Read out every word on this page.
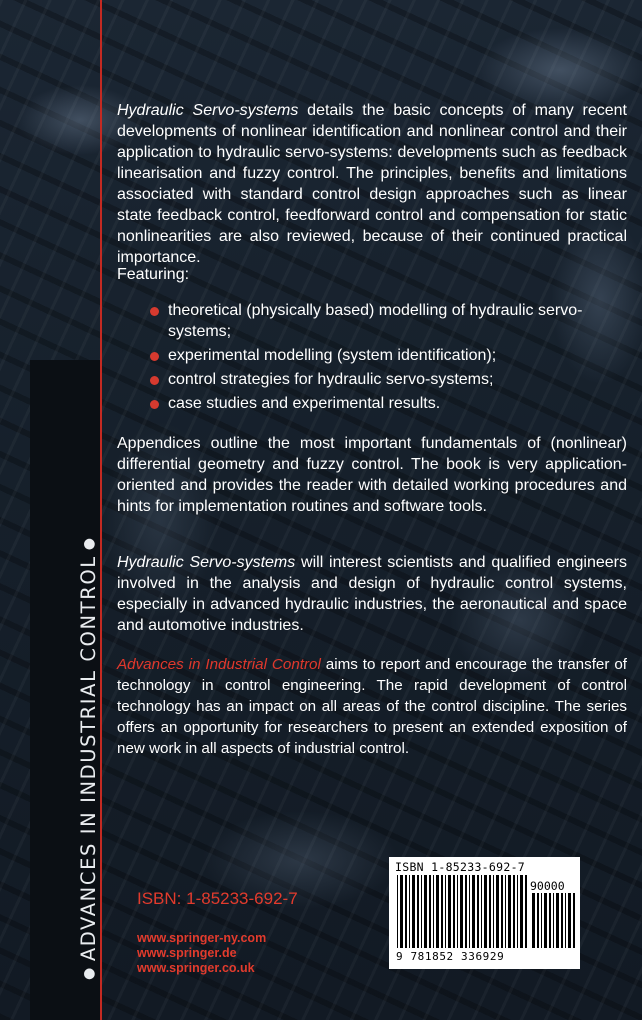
●ADVANCES IN INDUSTRIAL CONTROL●

Hydraulic Servo-systems details the basic concepts of many recent developments of nonlinear identification and nonlinear control and their application to hydraulic servo-systems: developments such as feedback linearisation and fuzzy control. The principles, benefits and limitations associated with standard control design approaches such as linear state feedback control, feedforward control and compensation for static nonlinearities are also reviewed, because of their continued practical importance.

Featuring:

theoretical (physically based) modelling of hydraulic servo-systems;
experimental modelling (system identification);
control strategies for hydraulic servo-systems;
case studies and experimental results.

Appendices outline the most important fundamentals of (nonlinear) differential geometry and fuzzy control. The book is very application-oriented and provides the reader with detailed working procedures and hints for implementation routines and software tools.

Hydraulic Servo-systems will interest scientists and qualified engineers involved in the analysis and design of hydraulic control systems, especially in advanced hydraulic industries, the aeronautical and space and automotive industries.

Advances in Industrial Control aims to report and encourage the transfer of technology in control engineering. The rapid development of control technology has an impact on all areas of the control discipline. The series offers an opportunity for researchers to present an extended exposition of new work in all aspects of industrial control.

ISBN: 1-85233-692-7
www.springer-ny.com
www.springer.de
www.springer.co.uk
ISBN 1-85233-692-7
90000
9 781852 336929
